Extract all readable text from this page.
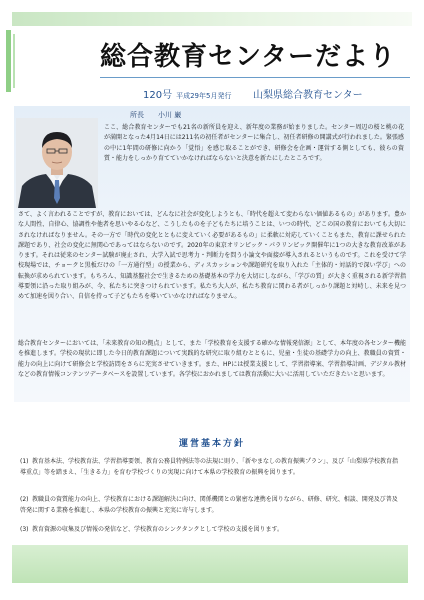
総合教育センターだより
120号 平成29年5月発行 山梨県総合教育センター
所長 小川 巌

ここ、総合教育センターでも21名の新所員を迎え、新年度の業務が始まりました。センター周辺の桜と桃の花が満開となった4月14日には211名の初任者がセンターに集合し、初任者研修の開講式が行われました。緊張感の中に1年間の研修に向かう「覚悟」を感じ取ることができ、研修会を企画・運営する側としても、彼らの資質・能力をしっかり育てていかなければならないと決意を新たにしたところです。

さて、よく言われることですが、教育においては、どんなに社会が変化しようとも、「時代を超えて変わらない価値あるもの」があります。豊かな人間性、自律心、協調性や他者を思いやる心など、こうしたものを子どもたちに培うことは、いつの時代、どこの国の教育においても大切にされなければなりません。その一方で「時代の変化とともに変えていく必要があるもの」に柔軟に対応していくこともまた、教育に課せられた課題であり、社会の変化に無関心であってはならないのです。2020年の東京オリンピック・パラリンピック開催年に1つの大きな教育改革があります。それは従来のセンター試験が廃止され、大学入試で思考力・判断力を問う小論文や面接が導入されるというものです。これを受けて学校現場では、チョークと黒板だけの「一方通行型」の授業から、ディスカッションや課題研究を取り入れた「主体的・対話的で深い学び」への転換が求められています。もちろん、知識基盤社会で生きるための基礎基本の学力を大切にしながら、「学びの質」が大きく重視される新学習指導要領に沿った取り組みが、今、私たちに突きつけられています。私たち大人が、私たち教育に関わる者がしっかり課題と対峙し、未来を見つめて加速を図り合い、自信を持って子どもたちを導いていかなければなりません。

総合教育センターにおいては、「未来教育の知の拠点」として、また「学校教育を支援する確かな情報発信源」として、本年度の各センター機能を推進します。学校の現状に即した今日的教育課題について実践的な研究に取り組むとともに、児童・生徒の基礎学力の向上、教職員の資質・能力の向上に向けて研修会と学校訪問をさらに充実させていきます。また、HPには授業支援として、学習指導案、学習指導計画、デジタル教材などの教育情報コンテンツデータベースを設置しています。各学校におかれましては教育活動に大いに活用していただきたいと思います。

運営基本方針

(1) 教育基本法、学校教育法、学習指導要領、教育公務員特例法等の法規に則り、「新やまなしの教育振興プラン」、及び「山梨県学校教育指導重点」等を踏まえ、「生きる力」を育む学校づくりの実現に向けて本県の学校教育の振興を図ります。

(2) 教職員の資質能力の向上、学校教育における課題解決に向け、関係機関との緊密な連携を図りながら、研修、研究、相談、開発及び普及啓発に関する業務を推進し、本県の学校教育の振興と充実に寄与します。

(3) 教育資源の収集及び情報の発信など、学校教育のシンクタンクとして学校の支援を図ります。
